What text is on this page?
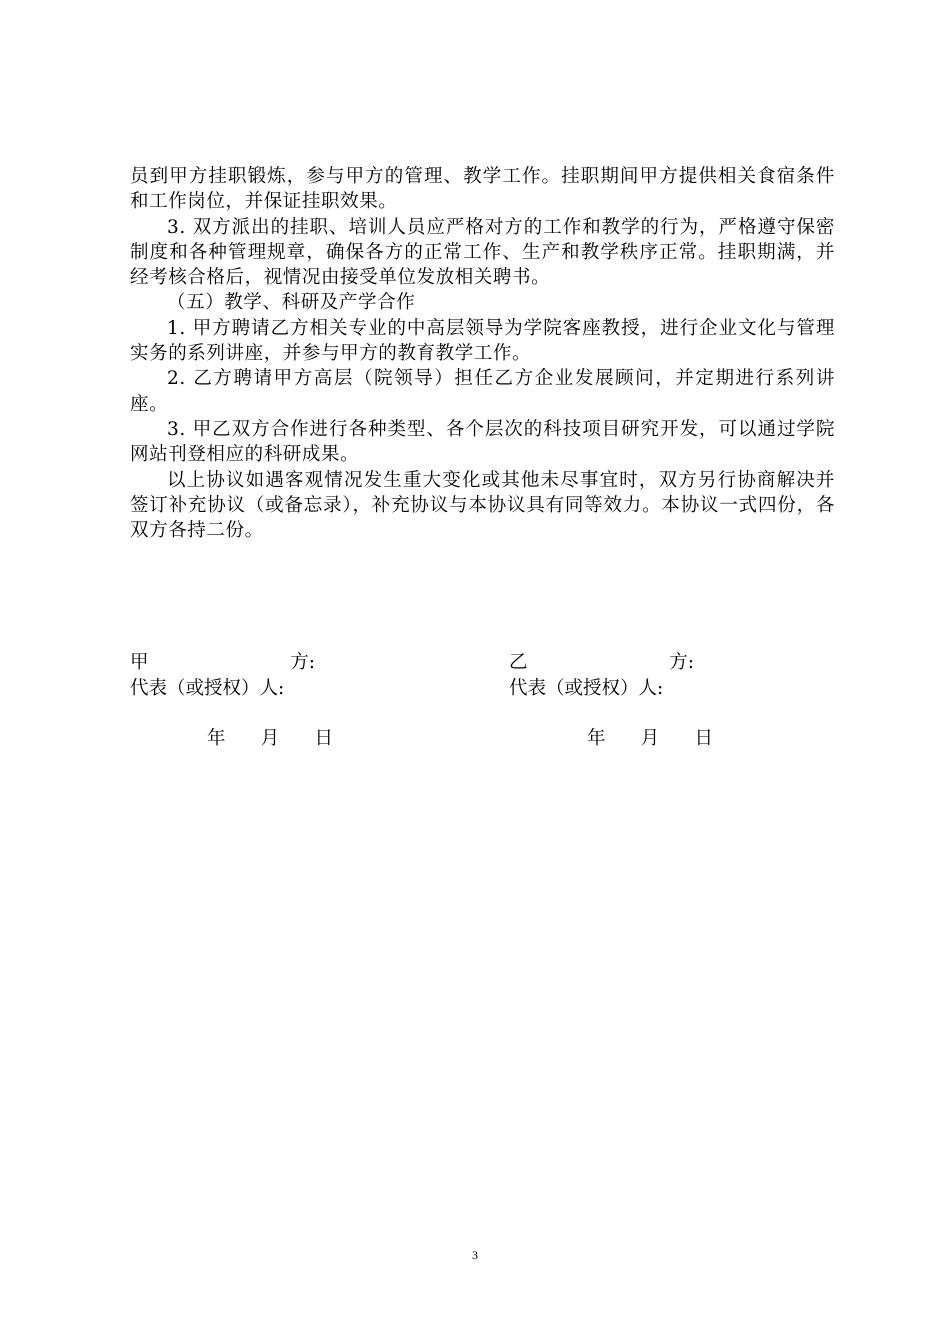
员到甲方挂职锻炼，参与甲方的管理、教学工作。挂职期间甲方提供相关食宿条件和工作岗位，并保证挂职效果。

3. 双方派出的挂职、培训人员应严格对方的工作和教学的行为，严格遵守保密制度和各种管理规章，确保各方的正常工作、生产和教学秩序正常。挂职期满，并经考核合格后，视情况由接受单位发放相关聘书。

（五）教学、科研及产学合作

1. 甲方聘请乙方相关专业的中高层领导为学院客座教授，进行企业文化与管理实务的系列讲座，并参与甲方的教育教学工作。

2. 乙方聘请甲方高层（院领导）担任乙方企业发展顾问，并定期进行系列讲座。

3. 甲乙双方合作进行各种类型、各个层次的科技项目研究开发，可以通过学院网站刊登相应的科研成果。

以上协议如遇客观情况发生重大变化或其他未尽事宜时，双方另行协商解决并签订补充协议（或备忘录），补充协议与本协议具有同等效力。本协议一式四份，各双方各持二份。

甲	方:
代表（或授权）人:
乙	方:
代表（或授权）人:
年 月 日	年 月 日
3
